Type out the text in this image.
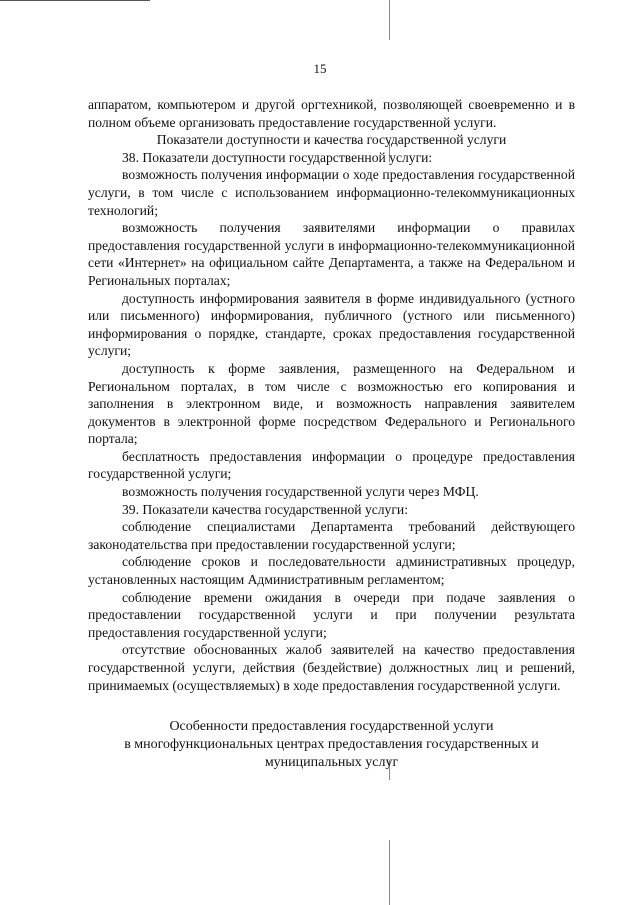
15

аппаратом, компьютером и другой оргтехникой, позволяющей своевременно и в полном объеме организовать предоставление государственной услуги.

Показатели доступности и качества государственной услуги

38. Показатели доступности государственной услуги:

возможность получения информации о ходе предоставления государственной услуги, в том числе с использованием информационно-телекоммуникационных технологий;

возможность получения заявителями информации о правилах предоставления государственной услуги в информационно-телекоммуникационной сети «Интернет» на официальном сайте Департамента, а также на Федеральном и Региональных порталах;

доступность информирования заявителя в форме индивидуального (устного или письменного) информирования, публичного (устного или письменного) информирования о порядке, стандарте, сроках предоставления государственной услуги;

доступность к форме заявления, размещенного на Федеральном и Региональном порталах, в том числе с возможностью его копирования и заполнения в электронном виде, и возможность направления заявителем документов в электронной форме посредством Федерального и Регионального портала;

бесплатность предоставления информации о процедуре предоставления государственной услуги;

возможность получения государственной услуги через МФЦ.

39. Показатели качества государственной услуги:

соблюдение специалистами Департамента требований действующего законодательства при предоставлении государственной услуги;

соблюдение сроков и последовательности административных процедур, установленных настоящим Административным регламентом;

соблюдение времени ожидания в очереди при подаче заявления о предоставлении государственной услуги и при получении результата предоставления государственной услуги;

отсутствие обоснованных жалоб заявителей на качество предоставления государственной услуги, действия (бездействие) должностных лиц и решений, принимаемых (осуществляемых) в ходе предоставления государственной услуги.

Особенности предоставления государственной услуги
в многофункциональных центрах предоставления государственных и
муниципальных услуг
